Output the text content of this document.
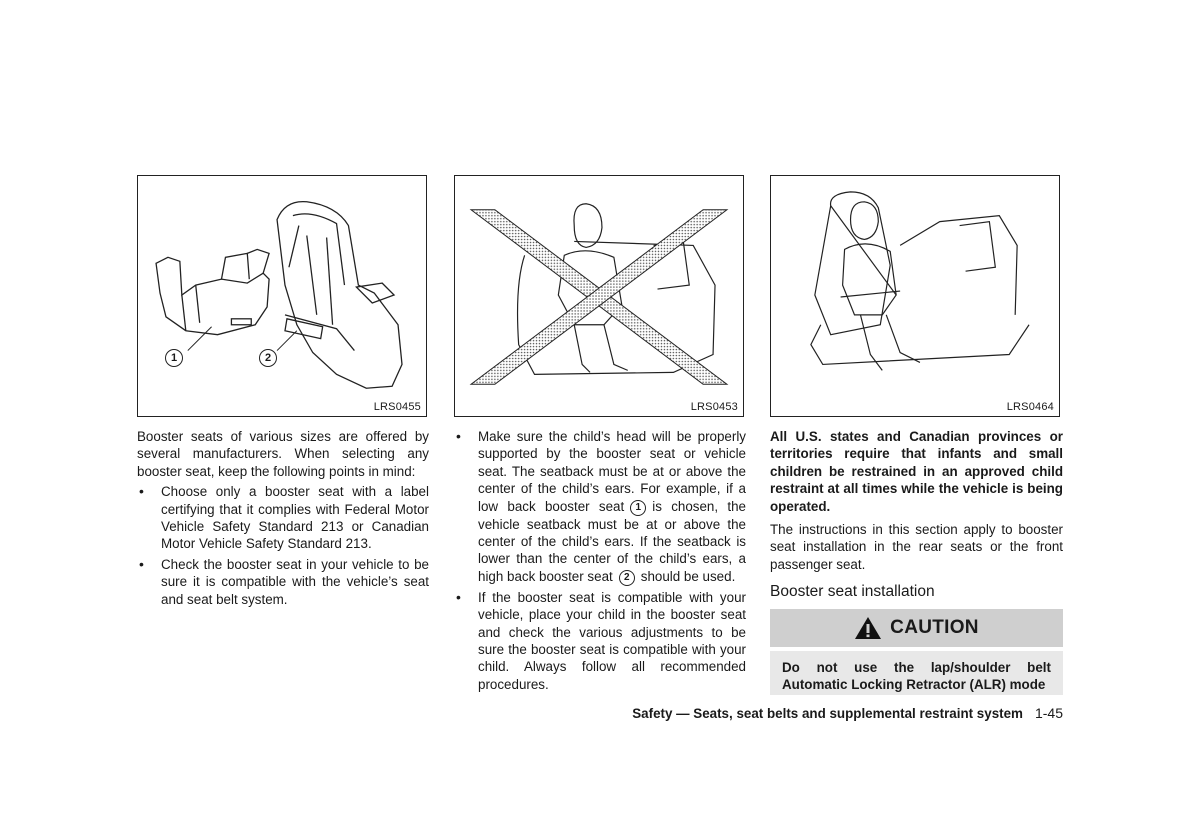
1	2
LRS0455	LRS0453	LRS0464

Booster seats of various sizes are offered by several manufacturers. When selecting any booster seat, keep the following points in mind:

• Choose only a booster seat with a label certifying that it complies with Federal Motor Vehicle Safety Standard 213 or Canadian Motor Vehicle Safety Standard 213.
• Check the booster seat in your vehicle to be sure it is compatible with the vehicle’s seat and seat belt system.
• Make sure the child’s head will be properly supported by the booster seat or vehicle seat. The seatback must be at or above the center of the child’s ears. For example, if a low back booster seat 1 is chosen, the vehicle seatback must be at or above the center of the child’s ears. If the seatback is lower than the center of the child’s ears, a high back booster seat 2 should be used.
• If the booster seat is compatible with your vehicle, place your child in the booster seat and check the various adjustments to be sure the booster seat is compatible with your child. Always follow all recommended procedures.

All U.S. states and Canadian provinces or territories require that infants and small children be restrained in an approved child restraint at all times while the vehicle is being operated.

The instructions in this section apply to booster seat installation in the rear seats or the front passenger seat.

Booster seat installation
CAUTION
Do not use the lap/shoulder belt Automatic Locking Retractor (ALR) mode
Safety — Seats, seat belts and supplemental restraint system 1-45
